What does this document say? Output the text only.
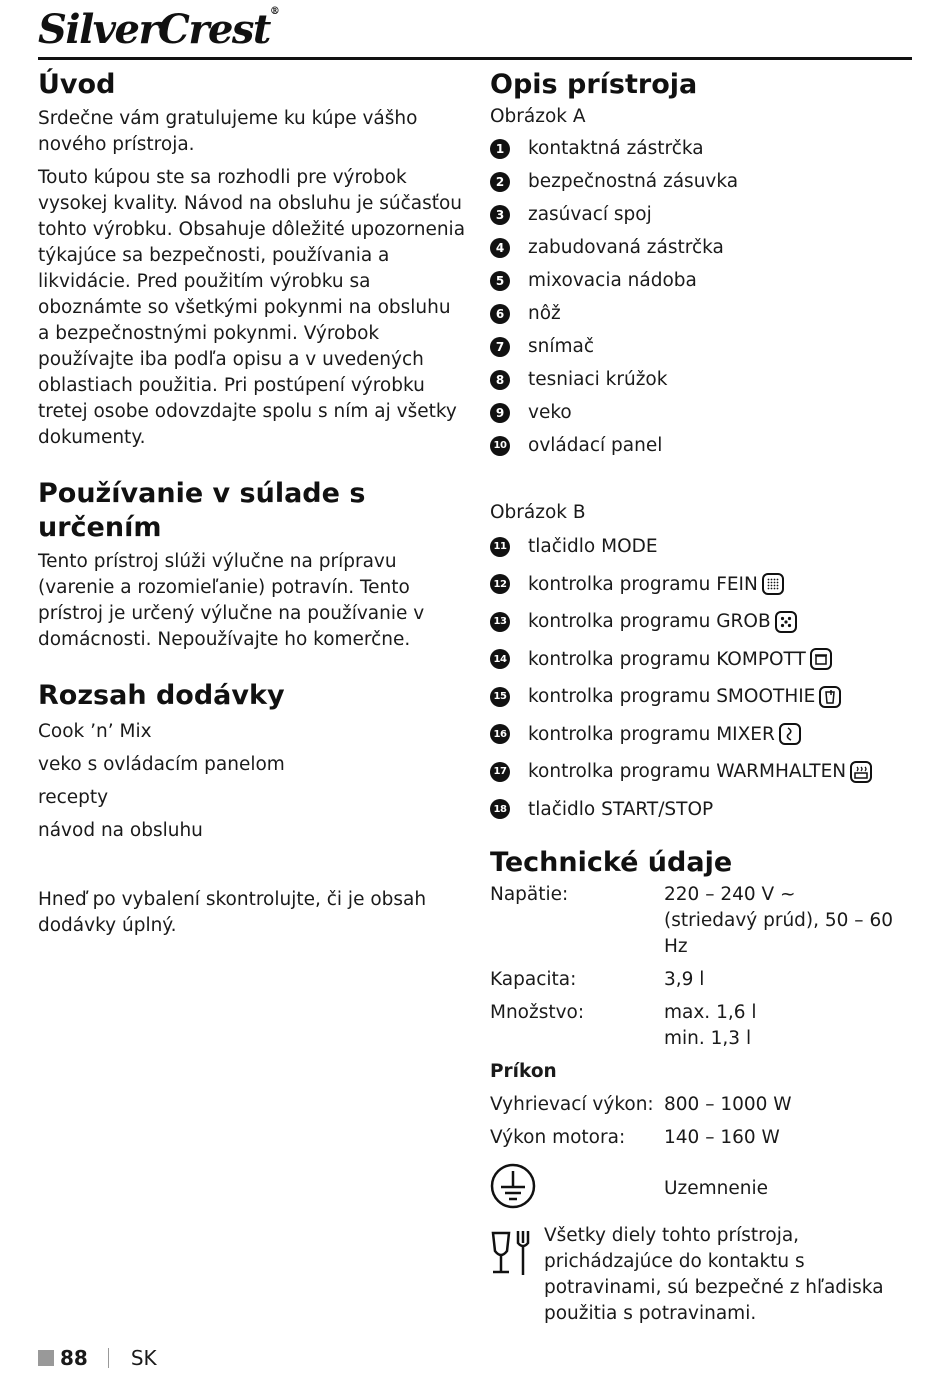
SilverCrest®
Úvod

Srdečne vám gratulujeme ku kúpe vášho nového prístroja.

Touto kúpou ste sa rozhodli pre výrobok vysokej kvality. Návod na obsluhu je súčasťou tohto výrobku. Obsahuje dôležité upozornenia týkajúce sa bezpečnosti, používania a likvidácie. Pred použitím výrobku sa oboznámte so všetkými pokynmi na obsluhu a bezpečnostnými pokynmi. Výrobok používajte iba podľa opisu a v uvedených oblastiach použitia. Pri postúpení výrobku tretej osobe odovzdajte spolu s ním aj všetky dokumenty.

Používanie v súlade s určením

Tento prístroj slúži výlučne na prípravu (varenie a rozomieľanie) potravín. Tento prístroj je určený výlučne na používanie v domácnosti. Nepoužívajte ho komerčne.

Rozsah dodávky
Cook ’n’ Mix
veko s ovládacím panelom
recepty
návod na obsluhu

Hneď po vybalení skontrolujte, či je obsah dodávky úplný.

Opis prístroja

Obrázok A

1	kontaktná zástrčka
2	bezpečnostná zásuvka
3	zasúvací spoj
4	zabudovaná zástrčka
5	mixovacia nádoba
6	nôž
7	snímač
8	tesniaci krúžok
9	veko
10 ovládací panel

Obrázok B

11 tlačidlo MODE
12 kontrolka programu FEIN
13 kontrolka programu GROB
14 kontrolka programu KOMPOTT
15 kontrolka programu SMOOTHIE
16 kontrolka programu MIXER
17 kontrolka programu WARMHALTEN
18 tlačidlo START/STOP
Technické údaje
Napätie:	220 – 240 V ~
(striedavý prúd), 50 – 60 Hz
Kapacita:	3,9 l
Množstvo:	max. 1,6 l
min. 1,3 l
Príkon
Vyhrievací výkon: 800 – 1000 W
Výkon motora:	140 – 160 W
Uzemnenie

Všetky diely tohto prístroja, prichádzajúce do kontaktu s potravinami, sú bezpečné z hľadiska použitia s potravinami.

88 SK
